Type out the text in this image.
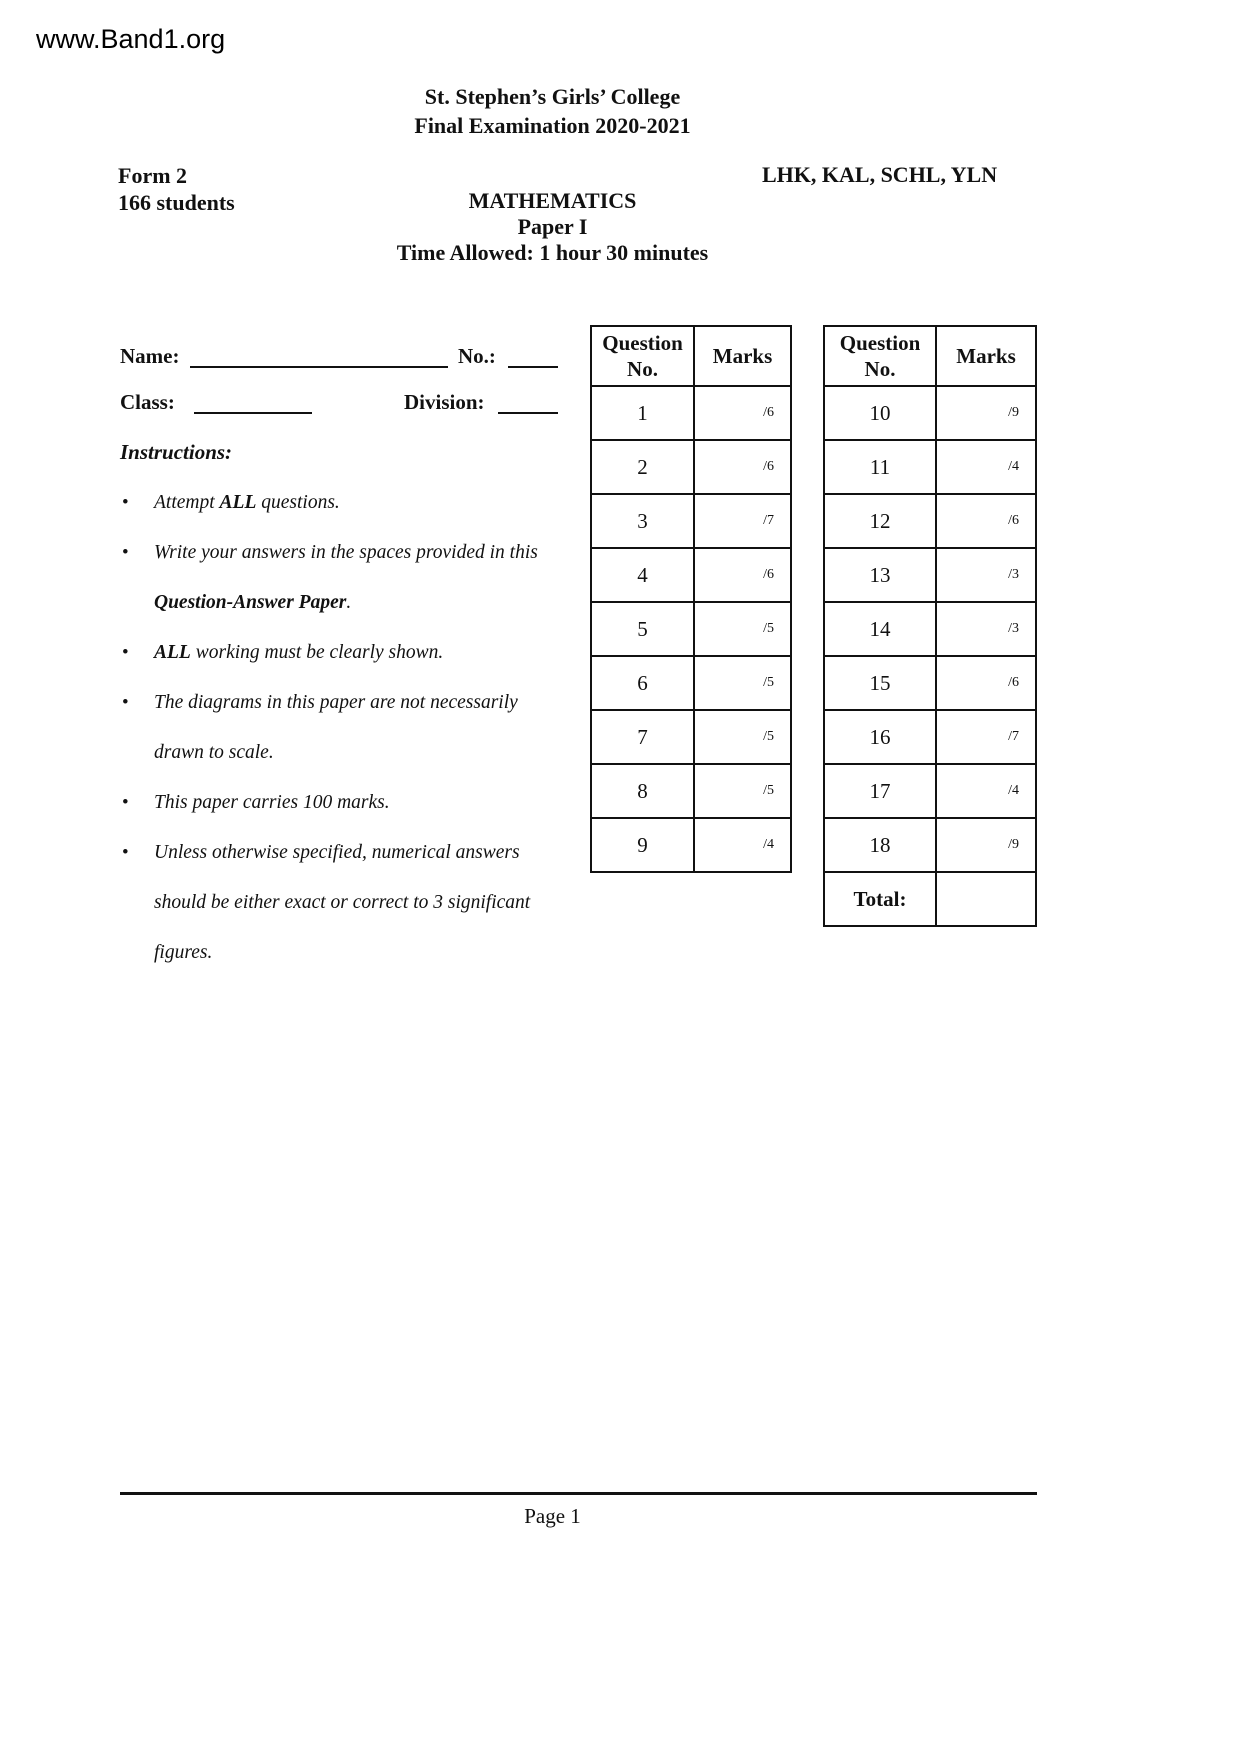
www.Band1.org
St. Stephen’s Girls’ College
Final Examination 2020-2021
Form 2
166 students
LHK, KAL, SCHL, YLN
MATHEMATICS
Paper I
Time Allowed: 1 hour 30 minutes
Name:	No.:
Class:	Division:
Instructions:
• Attempt ALL questions.
• Write your answers in the spaces provided in this Question-Answer Paper.
• ALL working must be clearly shown.
• The diagrams in this paper are not necessarily drawn to scale.
• This paper carries 100 marks.
• Unless otherwise specified, numerical answers should be either exact or correct to 3 significant figures.
Question
No.	Marks
1	/6
2	/6
3	/7
4	/6
5	/5
6	/5
7	/5
8	/5
9	/4
Question
No.	Marks
10	/9
11	/4
12	/6
13	/3
14	/3
15	/6
16	/7
17	/4
18	/9
Total:	
Page 1
